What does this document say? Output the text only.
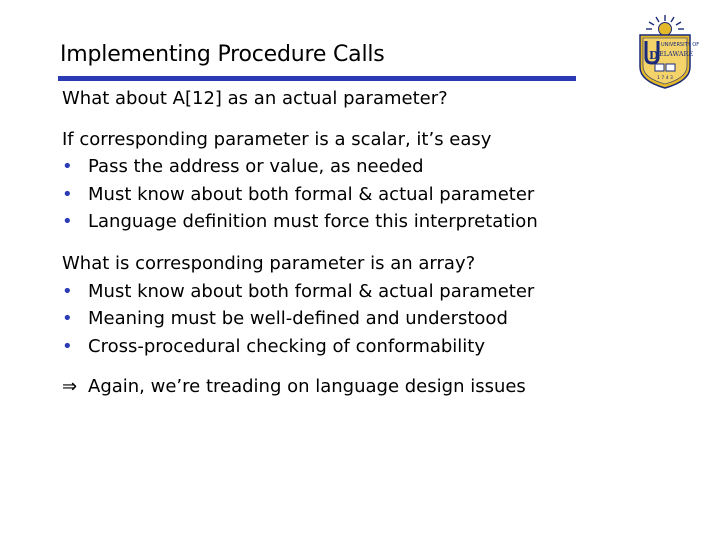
Implementing Procedure Calls	UNIVERSITY OF
D ELAWARE
1 7 4 3
What about A[12] as an actual parameter?
If corresponding parameter is a scalar, it’s easy
• Pass the address or value, as needed
• Must know about both formal & actual parameter
• Language definition must force this interpretation
What is corresponding parameter is an array?
• Must know about both formal & actual parameter
• Meaning must be well-defined and understood
• Cross-procedural checking of conformability
⇒ Again, we’re treading on language design issues
